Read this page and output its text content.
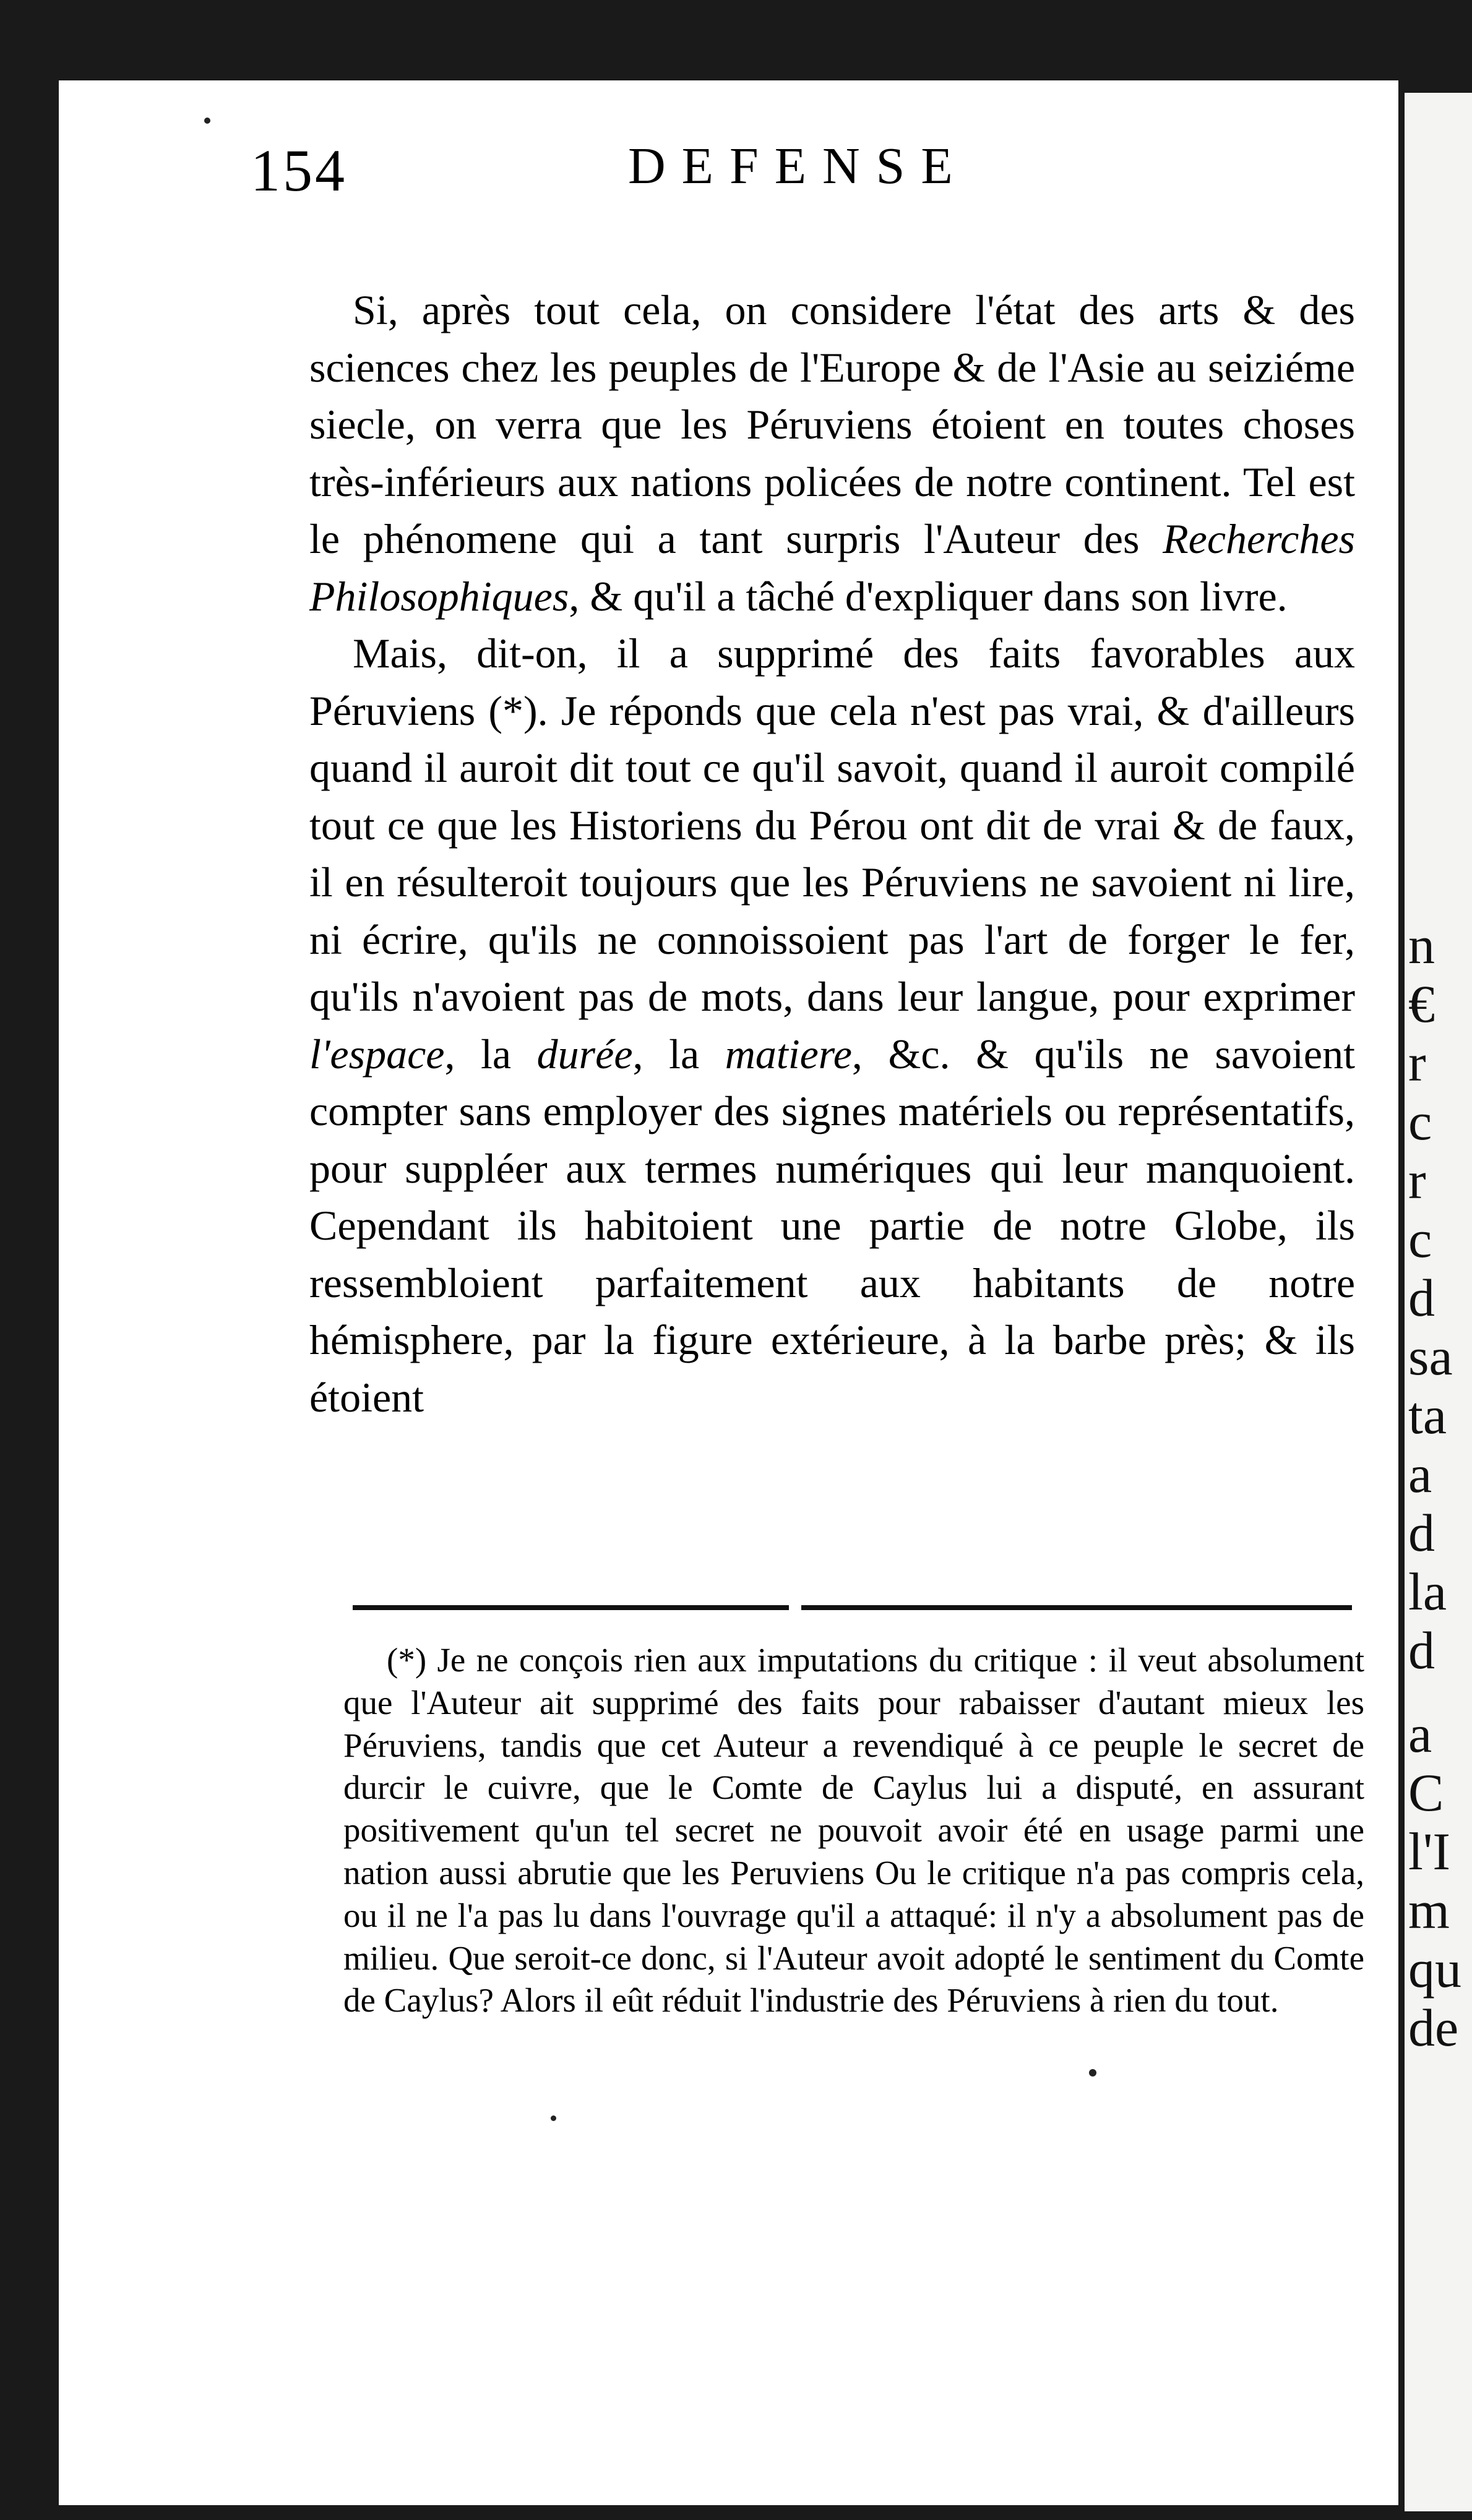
n
€
r
c
r
c
d
sa
ta
a
d
la
d
a
C
l'I
m
qu
de
154	DEFENSE

Si, après tout cela, on considere l'état des arts & des sciences chez les peuples de l'Europe & de l'Asie au seiziéme siecle, on verra que les Péruviens étoient en toutes choses très-inférieurs aux nations policées de notre continent. Tel est le phénomene qui a tant surpris l'Auteur des Recherches Philosophiques, & qu'il a tâché d'expliquer dans son livre.

Mais, dit-on, il a supprimé des faits favorables aux Péruviens (*). Je réponds que cela n'est pas vrai, & d'ailleurs quand il auroit dit tout ce qu'il savoit, quand il auroit compilé tout ce que les Historiens du Pérou ont dit de vrai & de faux, il en résulteroit toujours que les Péruviens ne savoient ni lire, ni écrire, qu'ils ne connoissoient pas l'art de forger le fer, qu'ils n'avoient pas de mots, dans leur langue, pour exprimer l'espace, la durée, la matiere, &c. & qu'ils ne savoient compter sans employer des signes matériels ou représentatifs, pour suppléer aux termes numériques qui leur manquoient. Cependant ils habitoient une partie de notre Globe, ils ressembloient parfaitement aux habitants de notre hémisphere, par la figure extérieure, à la barbe près; & ils étoient

(*) Je ne conçois rien aux imputations du critique : il veut absolument que l'Auteur ait supprimé des faits pour rabaisser d'autant mieux les Péruviens, tandis que cet Auteur a revendiqué à ce peuple le secret de durcir le cuivre, que le Comte de Caylus lui a disputé, en assurant positivement qu'un tel secret ne pouvoit avoir été en usage parmi une nation aussi abrutie que les Peruviens Ou le critique n'a pas compris cela, ou il ne l'a pas lu dans l'ouvrage qu'il a attaqué: il n'y a absolument pas de milieu. Que seroit-ce donc, si l'Auteur avoit adopté le sentiment du Comte de Caylus? Alors il eût réduit l'industrie des Péruviens à rien du tout.
